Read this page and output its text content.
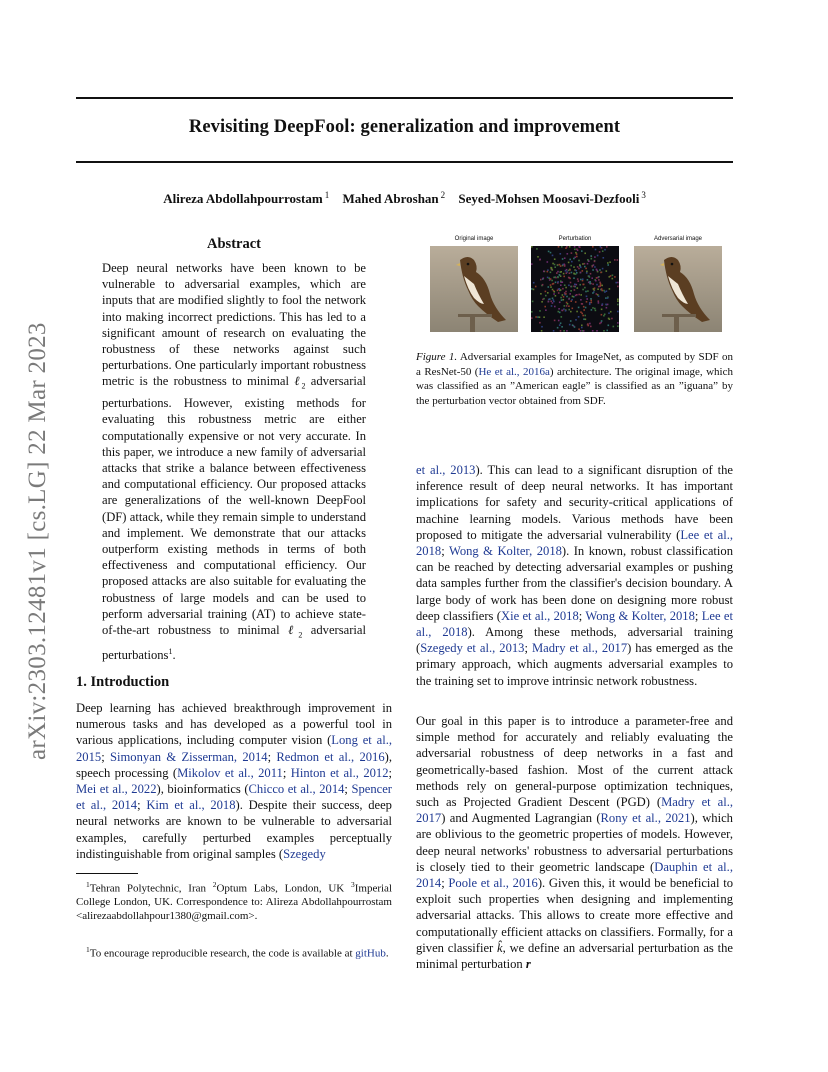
Revisiting DeepFool: generalization and improvement
Alireza Abdollahpourrostam $^1$ Mahed Abroshan $^2$ Seyed-Mohsen Moosavi-Dezfooli $^3$
arXiv:2303.12481v1 [cs.LG] 22 Mar 2023
Abstract
Deep neural networks have been known to be vulnerable to adversarial examples, which are inputs that are modified slightly to fool the network into making incorrect predictions. This has led to a significant amount of research on evaluating the robustness of these networks against such perturbations. One particularly important robustness metric is the robustness to minimal ℓ$_2$ adversarial perturbations. However, existing methods for evaluating this robustness metric are either computationally expensive or not very accurate. In this paper, we introduce a new family of adversarial attacks that strike a balance between effectiveness and computational efficiency. Our proposed attacks are generalizations of the well-known DeepFool (DF) attack, while they remain simple to understand and implement. We demonstrate that our attacks outperform existing methods in terms of both effectiveness and computational efficiency. Our proposed attacks are also suitable for evaluating the robustness of large models and can be used to perform adversarial training (AT) to achieve state-of-the-art robustness to minimal ℓ$_2$ adversarial perturbations$^1$.
1. Introduction
Deep learning has achieved breakthrough improvement in numerous tasks and has developed as a powerful tool in various applications, including computer vision (Long et al., 2015; Simonyan & Zisserman, 2014; Redmon et al., 2016), speech processing (Mikolov et al., 2011; Hinton et al., 2012; Mei et al., 2022), bioinformatics (Chicco et al., 2014; Spencer et al., 2014; Kim et al., 2018). Despite their success, deep neural networks are known to be vulnerable to adversarial examples, carefully perturbed examples perceptually indistinguishable from original samples (Szegedy
$^1$Tehran Polytechnic, Iran $^2$Optum Labs, London, UK $^3$Imperial College London, UK. Correspondence to: Alireza Abdollahpourrostam <alirezaabdollahpour1380@gmail.com>.
$^1$To encourage reproducible research, the code is available at gitHub.
Original image	Perturbation	Adversarial image
Figure 1. Adversarial examples for ImageNet, as computed by SDF on a ResNet-50 (He et al., 2016a) architecture. The original image, which was classified as an ”American eagle” is classified as an ”iguana” by the perturbation vector obtained from SDF.
et al., 2013). This can lead to a significant disruption of the inference result of deep neural networks. It has important implications for safety and security-critical applications of machine learning models. Various methods have been proposed to mitigate the adversarial vulnerability (Lee et al., 2018; Wong & Kolter, 2018). In known, robust classification can be reached by detecting adversarial examples or pushing data samples further from the classifier's decision boundary. A large body of work has been done on designing more robust deep classifiers (Xie et al., 2018; Wong & Kolter, 2018; Lee et al., 2018). Among these methods, adversarial training (Szegedy et al., 2013; Madry et al., 2017) has emerged as the primary approach, which augments adversarial examples to the training set to improve intrinsic network robustness.
Our goal in this paper is to introduce a parameter-free and simple method for accurately and reliably evaluating the adversarial robustness of deep networks in a fast and geometrically-based fashion. Most of the current attack methods rely on general-purpose optimization techniques, such as Projected Gradient Descent (PGD) (Madry et al., 2017) and Augmented Lagrangian (Rony et al., 2021), which are oblivious to the geometric properties of models. However, deep neural networks' robustness to adversarial perturbations is closely tied to their geometric landscape (Dauphin et al., 2014; Poole et al., 2016). Given this, it would be beneficial to exploit such properties when designing and implementing adversarial attacks. This allows to create more effective and computationally efficient attacks on classifiers. Formally, for a given classifier k̂, we define an adversarial perturbation as the minimal perturbation r
